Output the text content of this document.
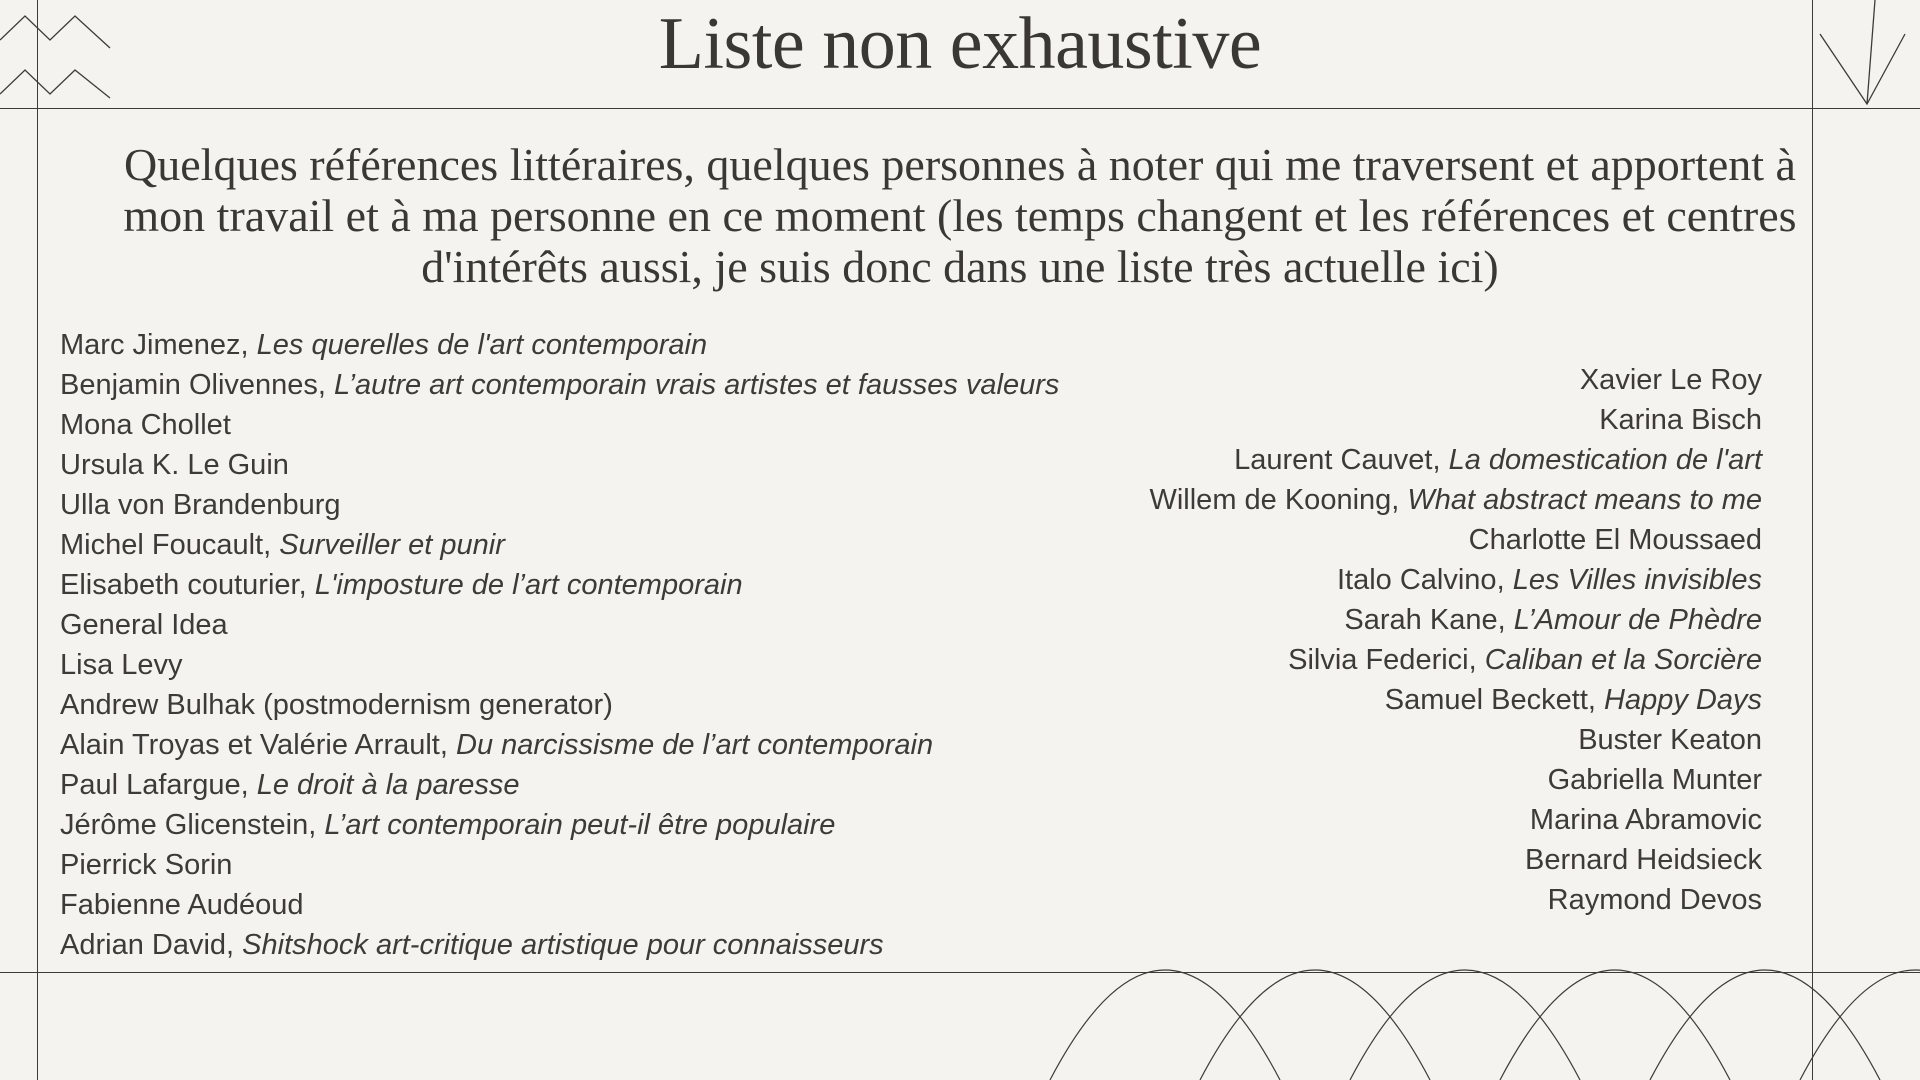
Liste non exhaustive

Quelques références littéraires, quelques personnes à noter qui me traversent et apportent à mon travail et à ma personne en ce moment (les temps changent et les références et centres d'intérêts aussi, je suis donc dans une liste très actuelle ici)

Marc Jimenez, Les querelles de l'art contemporain
Benjamin Olivennes, L’autre art contemporain vrais artistes et fausses valeurs
Mona Chollet
Ursula K. Le Guin
Ulla von Brandenburg
Michel Foucault, Surveiller et punir
Elisabeth couturier, L'imposture de l’art contemporain
General Idea
Lisa Levy
Andrew Bulhak (postmodernism generator)
Alain Troyas et Valérie Arrault, Du narcissisme de l’art contemporain
Paul Lafargue, Le droit à la paresse
Jérôme Glicenstein, L’art contemporain peut-il être populaire
Pierrick Sorin
Fabienne Audéoud
Adrian David, Shitshock art-critique artistique pour connaisseurs
Xavier Le Roy
Karina Bisch
Laurent Cauvet, La domestication de l'art
Willem de Kooning, What abstract means to me
Charlotte El Moussaed
Italo Calvino, Les Villes invisibles
Sarah Kane, L’Amour de Phèdre
Silvia Federici, Caliban et la Sorcière
Samuel Beckett, Happy Days
Buster Keaton
Gabriella Munter
Marina Abramovic
Bernard Heidsieck
Raymond Devos
